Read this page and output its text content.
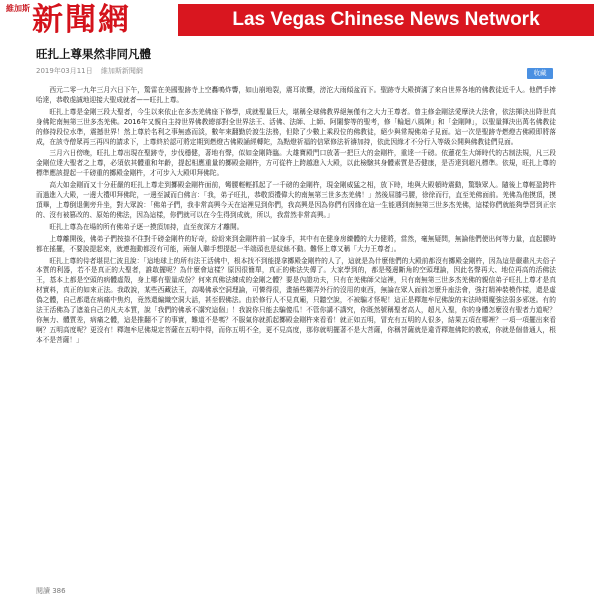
維加斯 新聞網	Las Vegas Chinese News Network
旺扎上尊果然非同凡體
2019年03月11日 維加斯新聞網	收藏

西元二零一九年三月六日下午，驚雷在美國聖跡寺上空轟鳴炸響，如山崩地裂，震耳欲聾，滂沱大雨傾盆而下。聖跡寺大殿擠滿了來自世界各地的佛教徒近千人。他們手捧哈達，恭敬虔誠地迎接大聖成就者——旺扎上尊。

旺扎上尊是金剛三段大聖者，今生以來依止在多杰羌佛座下修學，成就聖量巨大，堪稱全球佛教界絕無僅有之大力王尊者。曾主修金剛法愛摩決大法會，依法揮決出降世真身佛陀南無第三世多杰羌佛。2016年又親自主持世界佛教總部對全世界法王、活佛、法師、上師、阿闍黎等的聖考，修「輪迴八風陣」和「金剛陣」，以聖量揮決出萬名佛教徒的修持段位水準，震撼世界！然上尊於名利之事無惑而淡，數年來翻勤於渡生法務，但除了少數上乘段位的佛教徒，絕少與常規佛弟子見面。這一次是聖跡寺燃燈古佛殿即將落成，在該寺僧眾再三再四的請求下，上尊終於認可將定期到燃燈古佛殿誦經轉陀，為點燈祈福的信眾修法祈禱加持，依此因緣才不分行入等級公開與佛教徒們見面。

三月六日傍晚，旺扎上尊出現在聖跡寺，步伐穩健，著地有聲，似如金剛降臨。大雄寶殿門口放著一把巨大的金剛杵，重達一千磅。依蓮花生大師時代的古制法規，凡三段金剛位達大聖者之上尊，必須依其體重和年齡，提起相應重量的擲殿金剛杵，方可從杵上跨越進入大殿，以此檢驗其身體素質是否健康，是否達到超凡標準。依規，旺扎上尊的標準應該提起一千磅重的擲殿金剛杵，才可步入大殿叩拜佛陀。

高大如金剛而又十分莊嚴的旺扎上尊走到擲殿金剛杵面前，彎腰輕輕抓起了一千磅的金剛杵，現金剛威猛之相，放下時，地與大殿頓時震動，驚駭眾人。隨後上尊輕盈跨杵而過進入大殿，一邊大禮叩拜佛陀，一邊至誠而白佛言：「我，弟子旺扎，恭敬頂禮偉大的南無第三世多杰羌佛！」然後屈膝弓腰，徐徐而行，直至羌佛面前。羌佛為他摸頂，摸頂畢，上尊倒退側旁升坐，對大眾說：「佛弟子們，我非常高興今天在這裡見到你們，我高興是因為你們有因緣在這一生能遇到南無第三世多杰羌佛，這樣你們就能夠學習到正宗的、沒有被篡改的、原始的佛法，因為這樣，你們就可以在今生得到成就，所以，我當然非常高興。」

旺扎上尊為在場的所有佛弟子逐一摸頂加持，直至夜深方才離開。

上尊離開後，佛弟子們按捺不住對千磅金剛杵的好奇，紛紛來到金剛杵前一試身手，其中有在健身房練體的大力健將，當然，毫無疑問，無論他們使出何等力量，直起腰時都在搖擺，不要說提起來，就連拖動都沒有可能，兩個人聯手想提起一半端頭也是紋絲不動。難怪上尊又稱「大力王尊者」。

旺扎上尊的侍者堪昆仁波且說：「這地球上的所有法王活佛中，根本找不到能提拿擲殿金剛杵的人了，這就是為什麼他們的大殿前都沒有擲殿金剛杵，因為這是嚴肅凡夫俗子本質的利器，若不是真正的大聖者，誰敢擺呢？為什麼會這樣？原因很簡單，真正的佛法失傳了。大家學到的，都是殘邊斷角的空頭理論，因此名聲再大、地位再高的活佛法王，基本上都是空頭的病體虛殼，身上哪有聖量成份？何來真佛法練成的金剛之體？要是內證功夫，只有在羌佛師父這裡，只有南無第三世多杰羌佛的親信弟子旺扎上尊才是真材實料，真正的如來正法。我敢說，某些西藏法王，高喝佛承空洞理論，可憐得很，畫插些糊弄外行的沒用的東西，無論在眾人面前怎麼升座法會，強打精神裝模作樣，還是虛偽之體，自己都還在病痛中焦灼，竟然還編織空洞大話，甚至假佛法。由於修行人不見真廟，只聽空說，不被騙才怪呢！這正是釋迦牟尼佛說的末法時期魔強法弱多邪迷。有的法王活佛為了遮羞自己的凡夫本質，說「我們的佛承不講究這個」！我說你只能去騙傻瓜！不管你講不講究，你既然號稱聖者高人，超凡入聖，你的身體怎麼沒有聖者力道呢？你無力、體質差，病痛之體，這是推翻不了的事實，難道不是嗎？不服氣你就抓起擲殿金剛杵來看看！就正如五明，冒充有五明的人很多，結果五項在哪裡？一項一項擺出來看啊？五明高度呢？更沒有！釋迦牟尼佛規定菩薩在五明中得，而你五明不全，更不見高度，那你就明擺著不是大菩薩，你稱菩薩就是違背釋迦佛陀的教戒，你就是個普通人，根本不是菩薩！」

閱讀 386
